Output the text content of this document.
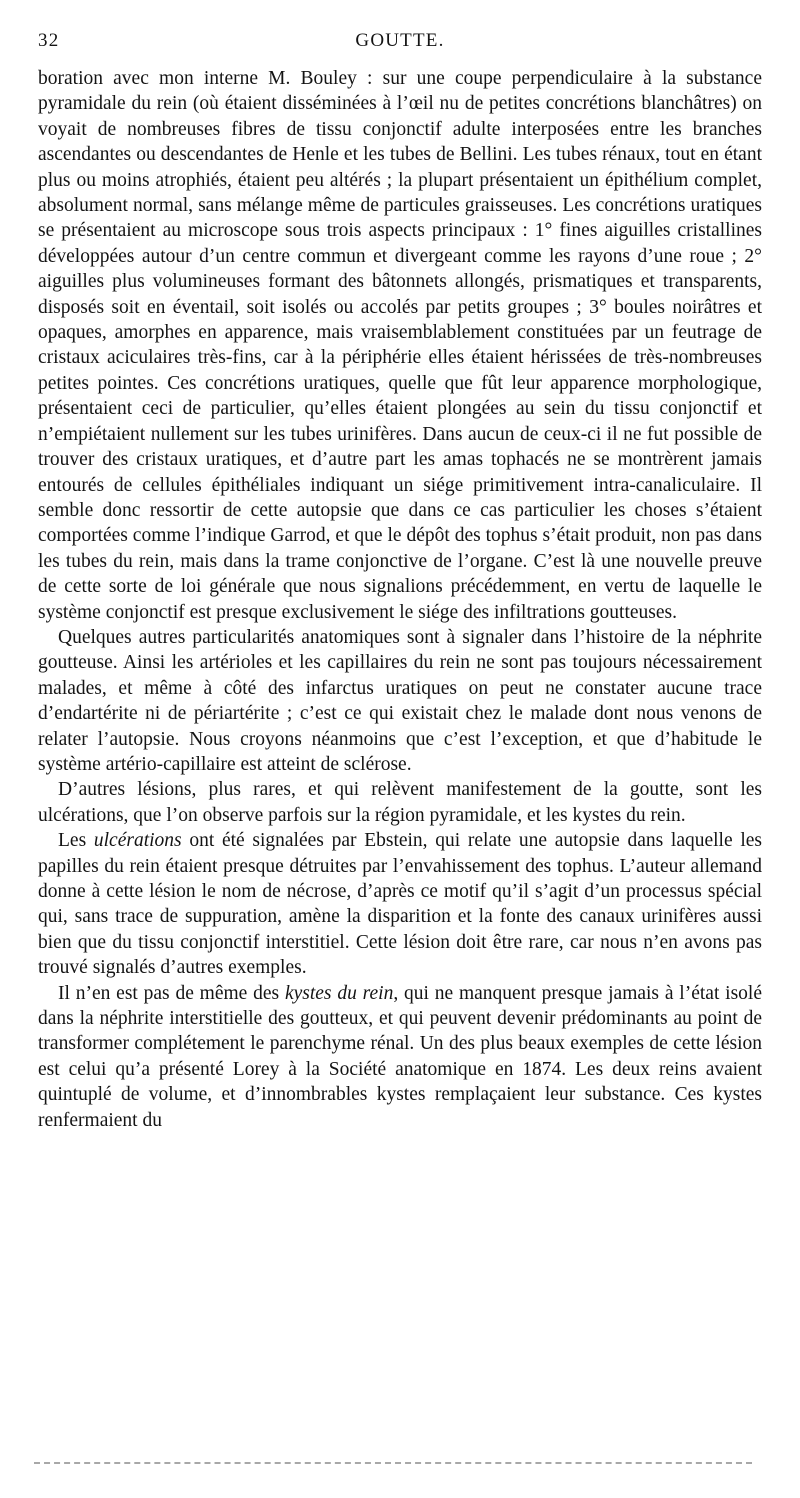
32	GOUTTE.

boration avec mon interne M. Bouley : sur une coupe perpendiculaire à la substance pyramidale du rein (où étaient disséminées à l’œil nu de petites concrétions blanchâtres) on voyait de nombreuses fibres de tissu conjonctif adulte interposées entre les branches ascendantes ou descendantes de Henle et les tubes de Bellini. Les tubes rénaux, tout en étant plus ou moins atrophiés, étaient peu altérés ; la plupart présentaient un épithélium complet, absolument normal, sans mélange même de particules graisseuses. Les concrétions uratiques se présentaient au microscope sous trois aspects principaux : 1° fines aiguilles cristallines développées autour d’un centre commun et divergeant comme les rayons d’une roue ; 2° aiguilles plus volumineuses formant des bâtonnets allongés, prismatiques et transparents, disposés soit en éventail, soit isolés ou accolés par petits groupes ; 3° boules noirâtres et opaques, amorphes en apparence, mais vraisemblablement constituées par un feutrage de cristaux aciculaires très-fins, car à la périphérie elles étaient hérissées de très-nombreuses petites pointes. Ces concrétions uratiques, quelle que fût leur apparence morphologique, présentaient ceci de particulier, qu’elles étaient plongées au sein du tissu conjonctif et n’empiétaient nullement sur les tubes urinifères. Dans aucun de ceux-ci il ne fut possible de trouver des cristaux uratiques, et d’autre part les amas tophacés ne se montrèrent jamais entourés de cellules épithéliales indiquant un siége primitivement intra-canaliculaire. Il semble donc ressortir de cette autopsie que dans ce cas particulier les choses s’étaient comportées comme l’indique Garrod, et que le dépôt des tophus s’était produit, non pas dans les tubes du rein, mais dans la trame conjonctive de l’organe. C’est là une nouvelle preuve de cette sorte de loi générale que nous signalions précédemment, en vertu de laquelle le système conjonctif est presque exclusivement le siége des infiltrations goutteuses.

Quelques autres particularités anatomiques sont à signaler dans l’histoire de la néphrite goutteuse. Ainsi les artérioles et les capillaires du rein ne sont pas toujours nécessairement malades, et même à côté des infarctus uratiques on peut ne constater aucune trace d’endartérite ni de périartérite ; c’est ce qui existait chez le malade dont nous venons de relater l’autopsie. Nous croyons néanmoins que c’est l’exception, et que d’habitude le système artério-capillaire est atteint de sclérose.

D’autres lésions, plus rares, et qui relèvent manifestement de la goutte, sont les ulcérations, que l’on observe parfois sur la région pyramidale, et les kystes du rein.

Les ulcérations ont été signalées par Ebstein, qui relate une autopsie dans laquelle les papilles du rein étaient presque détruites par l’envahissement des tophus. L’auteur allemand donne à cette lésion le nom de nécrose, d’après ce motif qu’il s’agit d’un processus spécial qui, sans trace de suppuration, amène la disparition et la fonte des canaux urinifères aussi bien que du tissu conjonctif interstitiel. Cette lésion doit être rare, car nous n’en avons pas trouvé signalés d’autres exemples.

Il n’en est pas de même des kystes du rein, qui ne manquent presque jamais à l’état isolé dans la néphrite interstitielle des goutteux, et qui peuvent devenir prédominants au point de transformer complétement le parenchyme rénal. Un des plus beaux exemples de cette lésion est celui qu’a présenté Lorey à la Société anatomique en 1874. Les deux reins avaient quintuplé de volume, et d’innombrables kystes remplaçaient leur substance. Ces kystes renfermaient du
